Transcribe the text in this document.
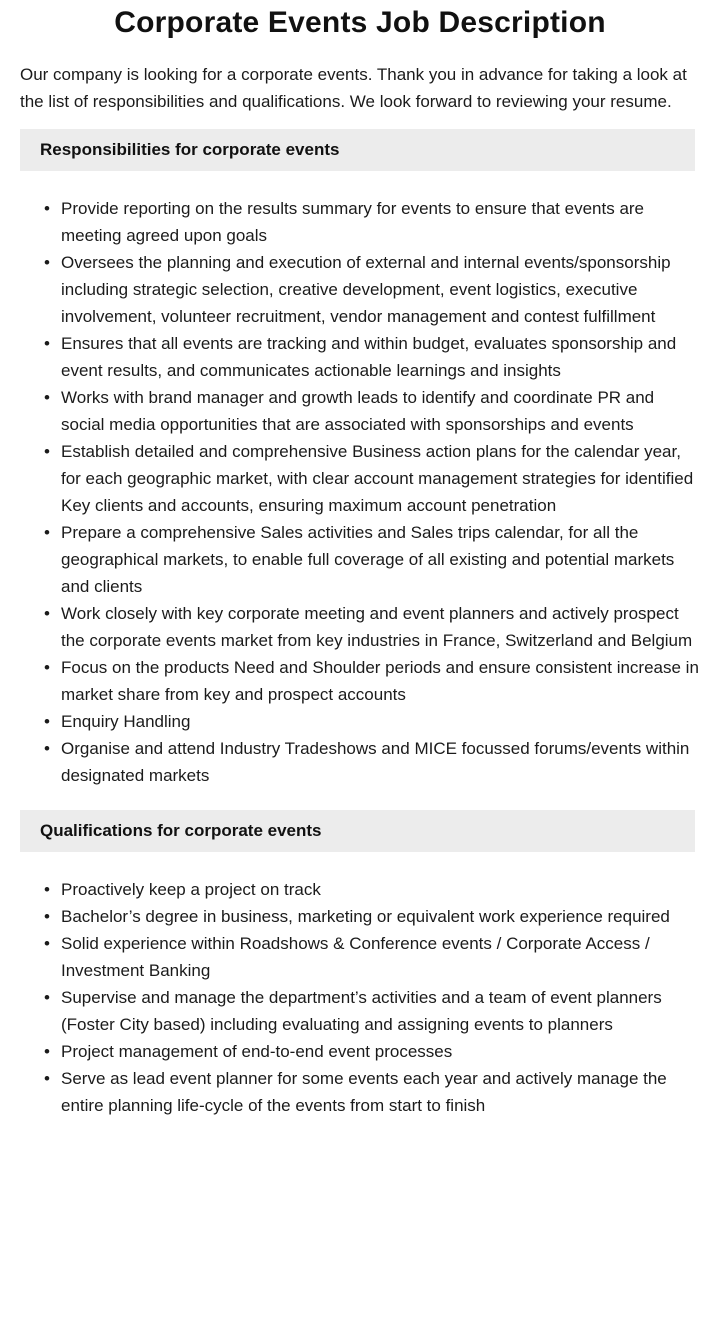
Corporate Events Job Description

Our company is looking for a corporate events. Thank you in advance for taking a look at the list of responsibilities and qualifications. We look forward to reviewing your resume.

Responsibilities for corporate events
• Provide reporting on the results summary for events to ensure that events are meeting agreed upon goals
• Oversees the planning and execution of external and internal events/sponsorship including strategic selection, creative development, event logistics, executive involvement, volunteer recruitment, vendor management and contest fulfillment
• Ensures that all events are tracking and within budget, evaluates sponsorship and event results, and communicates actionable learnings and insights
• Works with brand manager and growth leads to identify and coordinate PR and social media opportunities that are associated with sponsorships and events
• Establish detailed and comprehensive Business action plans for the calendar year, for each geographic market, with clear account management strategies for identified Key clients and accounts, ensuring maximum account penetration
• Prepare a comprehensive Sales activities and Sales trips calendar, for all the geographical markets, to enable full coverage of all existing and potential markets and clients
• Work closely with key corporate meeting and event planners and actively prospect the corporate events market from key industries in France, Switzerland and Belgium
• Focus on the products Need and Shoulder periods and ensure consistent increase in market share from key and prospect accounts
• Enquiry Handling
• Organise and attend Industry Tradeshows and MICE focussed forums/events within designated markets
Qualifications for corporate events
• Proactively keep a project on track
• Bachelor’s degree in business, marketing or equivalent work experience required
• Solid experience within Roadshows & Conference events / Corporate Access / Investment Banking
• Supervise and manage the department’s activities and a team of event planners (Foster City based) including evaluating and assigning events to planners
• Project management of end-to-end event processes
• Serve as lead event planner for some events each year and actively manage the entire planning life-cycle of the events from start to finish
